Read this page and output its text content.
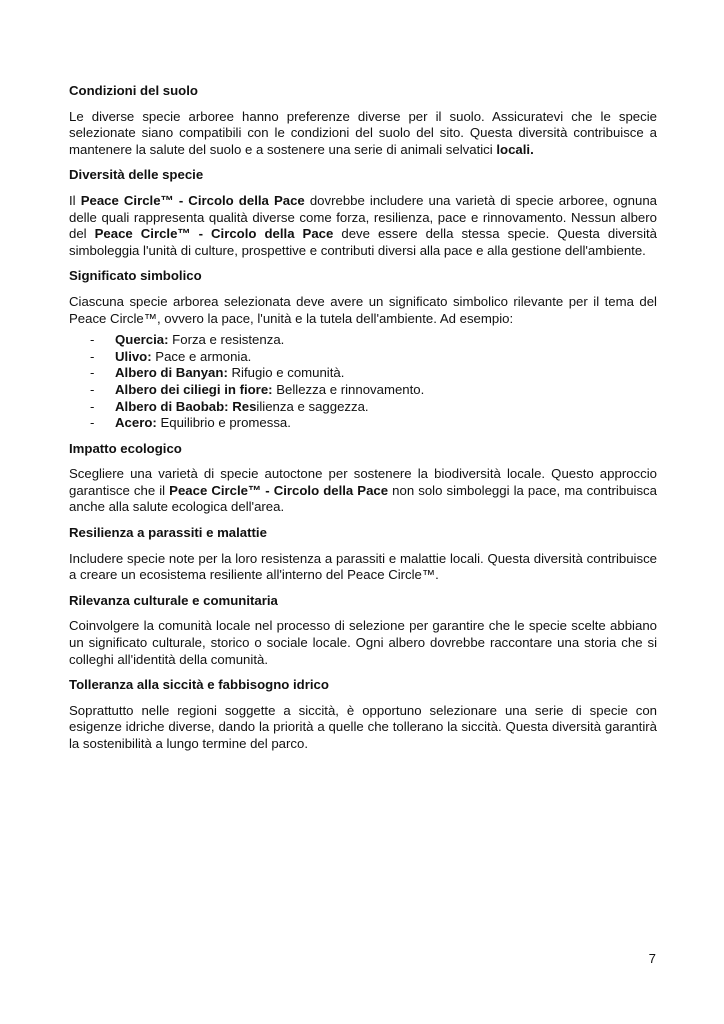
Condizioni del suolo

Le diverse specie arboree hanno preferenze diverse per il suolo. Assicuratevi che le specie selezionate siano compatibili con le condizioni del suolo del sito. Questa diversità contribuisce a mantenere la salute del suolo e a sostenere una serie di animali selvatici locali.

Diversità delle specie

Il Peace Circle™ - Circolo della Pace dovrebbe includere una varietà di specie arboree, ognuna delle quali rappresenta qualità diverse come forza, resilienza, pace e rinnovamento. Nessun albero del Peace Circle™ - Circolo della Pace deve essere della stessa specie. Questa diversità simboleggia l'unità di culture, prospettive e contributi diversi alla pace e alla gestione dell'ambiente.

Significato simbolico

Ciascuna specie arborea selezionata deve avere un significato simbolico rilevante per il tema del Peace Circle™, ovvero la pace, l'unità e la tutela dell'ambiente. Ad esempio:

- Quercia: Forza e resistenza.
- Ulivo: Pace e armonia.
- Albero di Banyan: Rifugio e comunità.
- Albero dei ciliegi in fiore: Bellezza e rinnovamento.
- Albero di Baobab: Resilienza e saggezza.
- Acero: Equilibrio e promessa.
Impatto ecologico

Scegliere una varietà di specie autoctone per sostenere la biodiversità locale. Questo approccio garantisce che il Peace Circle™ - Circolo della Pace non solo simboleggi la pace, ma contribuisca anche alla salute ecologica dell'area.

Resilienza a parassiti e malattie

Includere specie note per la loro resistenza a parassiti e malattie locali. Questa diversità contribuisce a creare un ecosistema resiliente all'interno del Peace Circle™.

Rilevanza culturale e comunitaria

Coinvolgere la comunità locale nel processo di selezione per garantire che le specie scelte abbiano un significato culturale, storico o sociale locale. Ogni albero dovrebbe raccontare una storia che si colleghi all'identità della comunità.

Tolleranza alla siccità e fabbisogno idrico

Soprattutto nelle regioni soggette a siccità, è opportuno selezionare una serie di specie con esigenze idriche diverse, dando la priorità a quelle che tollerano la siccità. Questa diversità garantirà la sostenibilità a lungo termine del parco.

7
